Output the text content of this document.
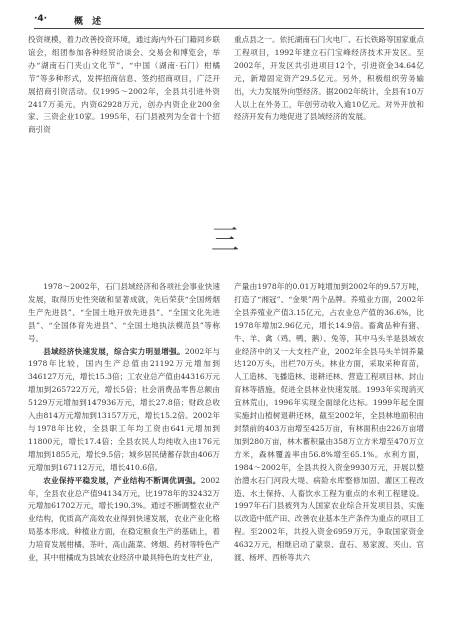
·4·	概 述

投资规模，着力改善投资环境，通过海内外石门籍同乡联谊会，组团参加各种经贸洽谈会、交易会和博览会，举办“湖南石门夹山文化节”、“中国（湖南·石门）柑橘节”等多种形式，发挥招商信息、签约招商项目，广泛开展招商引资活动。仅1995～2002年，全县共引进外资2417万美元，内资62928万元，创办内资企业200余家、三资企业10家。1995年，石门县被列为全省十个招商引资

重点县之一。依托湖南石门火电厂、石长铁路等国家重点工程项目，1992年建立石门宝峰经济技术开发区。至2002年，开发区共引进项目12个，引进资金34.64亿元，新增固定资产29.5亿元。另外，积极组织劳务输出，大力发展外向型经济。据2002年统计，全县有10万人以上在外务工，年创劳动收入逾10亿元。对外开放和经济开发有力地促进了县域经济的发展。

三

1978～2002年，石门县域经济和各项社会事业快速发展，取得历史性突破和显著成就，先后荣获“全国烤烟生产先进县”、“全国土地开放先进县”、“全国文化先进县”、“全国体育先进县”、“全国土地执法模范县”等称号。

县域经济快速发展，综合实力明显增强。2002年与1978年比较，国内生产总值由21192万元增加到346127万元，增长15.3倍；工农业总产值由44316万元增加到265722万元，增长5倍；社会消费品零售总额由5129万元增加到147936万元，增长27.8倍；财政总收入由814万元增加到13157万元，增长15.2倍。2002年与1978年比较，全县职工年均工资由641元增加到11800元，增长17.4倍；全县农民人均纯收入由176元增加到1855元，增长9.5倍；城乡居民储蓄存款由406万元增加到167112万元，增长410.6倍。

农业保持平稳发展，产业结构不断调优调强。2002年，全县农业总产值94134万元，比1978年的32432万元增加61702万元，增长190.3%。通过不断调整农业产业结构，优质高产高效农业得到快速发展，农业产业化格局基本形成。种植业方面，在稳定粮食生产的基础上，着力培育发展柑橘、茶叶、高山蔬菜、烤烟、药材等特色产业，其中柑橘成为县域农业经济中最具特色的支柱产业，

产量由1978年的0.01万吨增加到2002年的9.57万吨，打造了“湘冠”、“金果”两个品牌。养殖业方面，2002年全县养殖业产值3.15亿元，占农业总产值的36.6%，比1978年增加2.96亿元，增长14.9倍。畜禽品种有猪、牛、羊、禽（鸡、鸭、鹅）、兔等，其中马头羊是县域农业经济中的又一大支柱产业，2002年全县马头羊饲养量达120万头，出栏70万头。林业方面，采取采种育苗，人工造林、飞播造林、退耕还林、营造工程项目林、封山育林等措施，促进全县林业快速发展。1993年实现消灭宜林荒山，1996年实现全面绿化达标。1999年起全面实施封山植树退耕还林，截至2002年，全县林地面积由封禁前的403万亩增至425万亩，有林面积由226万亩增加到280万亩，林木蓄积量由358万立方米增至470万立方米，森林覆盖率由56.8%增至65.1%。水利方面，1984～2002年，全县共投入资金9930万元，开展以整治澧水石门河段大堤、病险水库整修加固、灌区工程改造、水土保持、人畜饮水工程为重点的水利工程建设。1997年石门县被列为人国家农业综合开发项目县，实施以改造中低产田、改善农业基本生产条件为重点的项目工程。至2002年，共投入资金6959万元，争取国家资金4632万元，相继启动了蒙泉、盘石、易家渡、夹山、官渡、杨坪、西桥等共六
